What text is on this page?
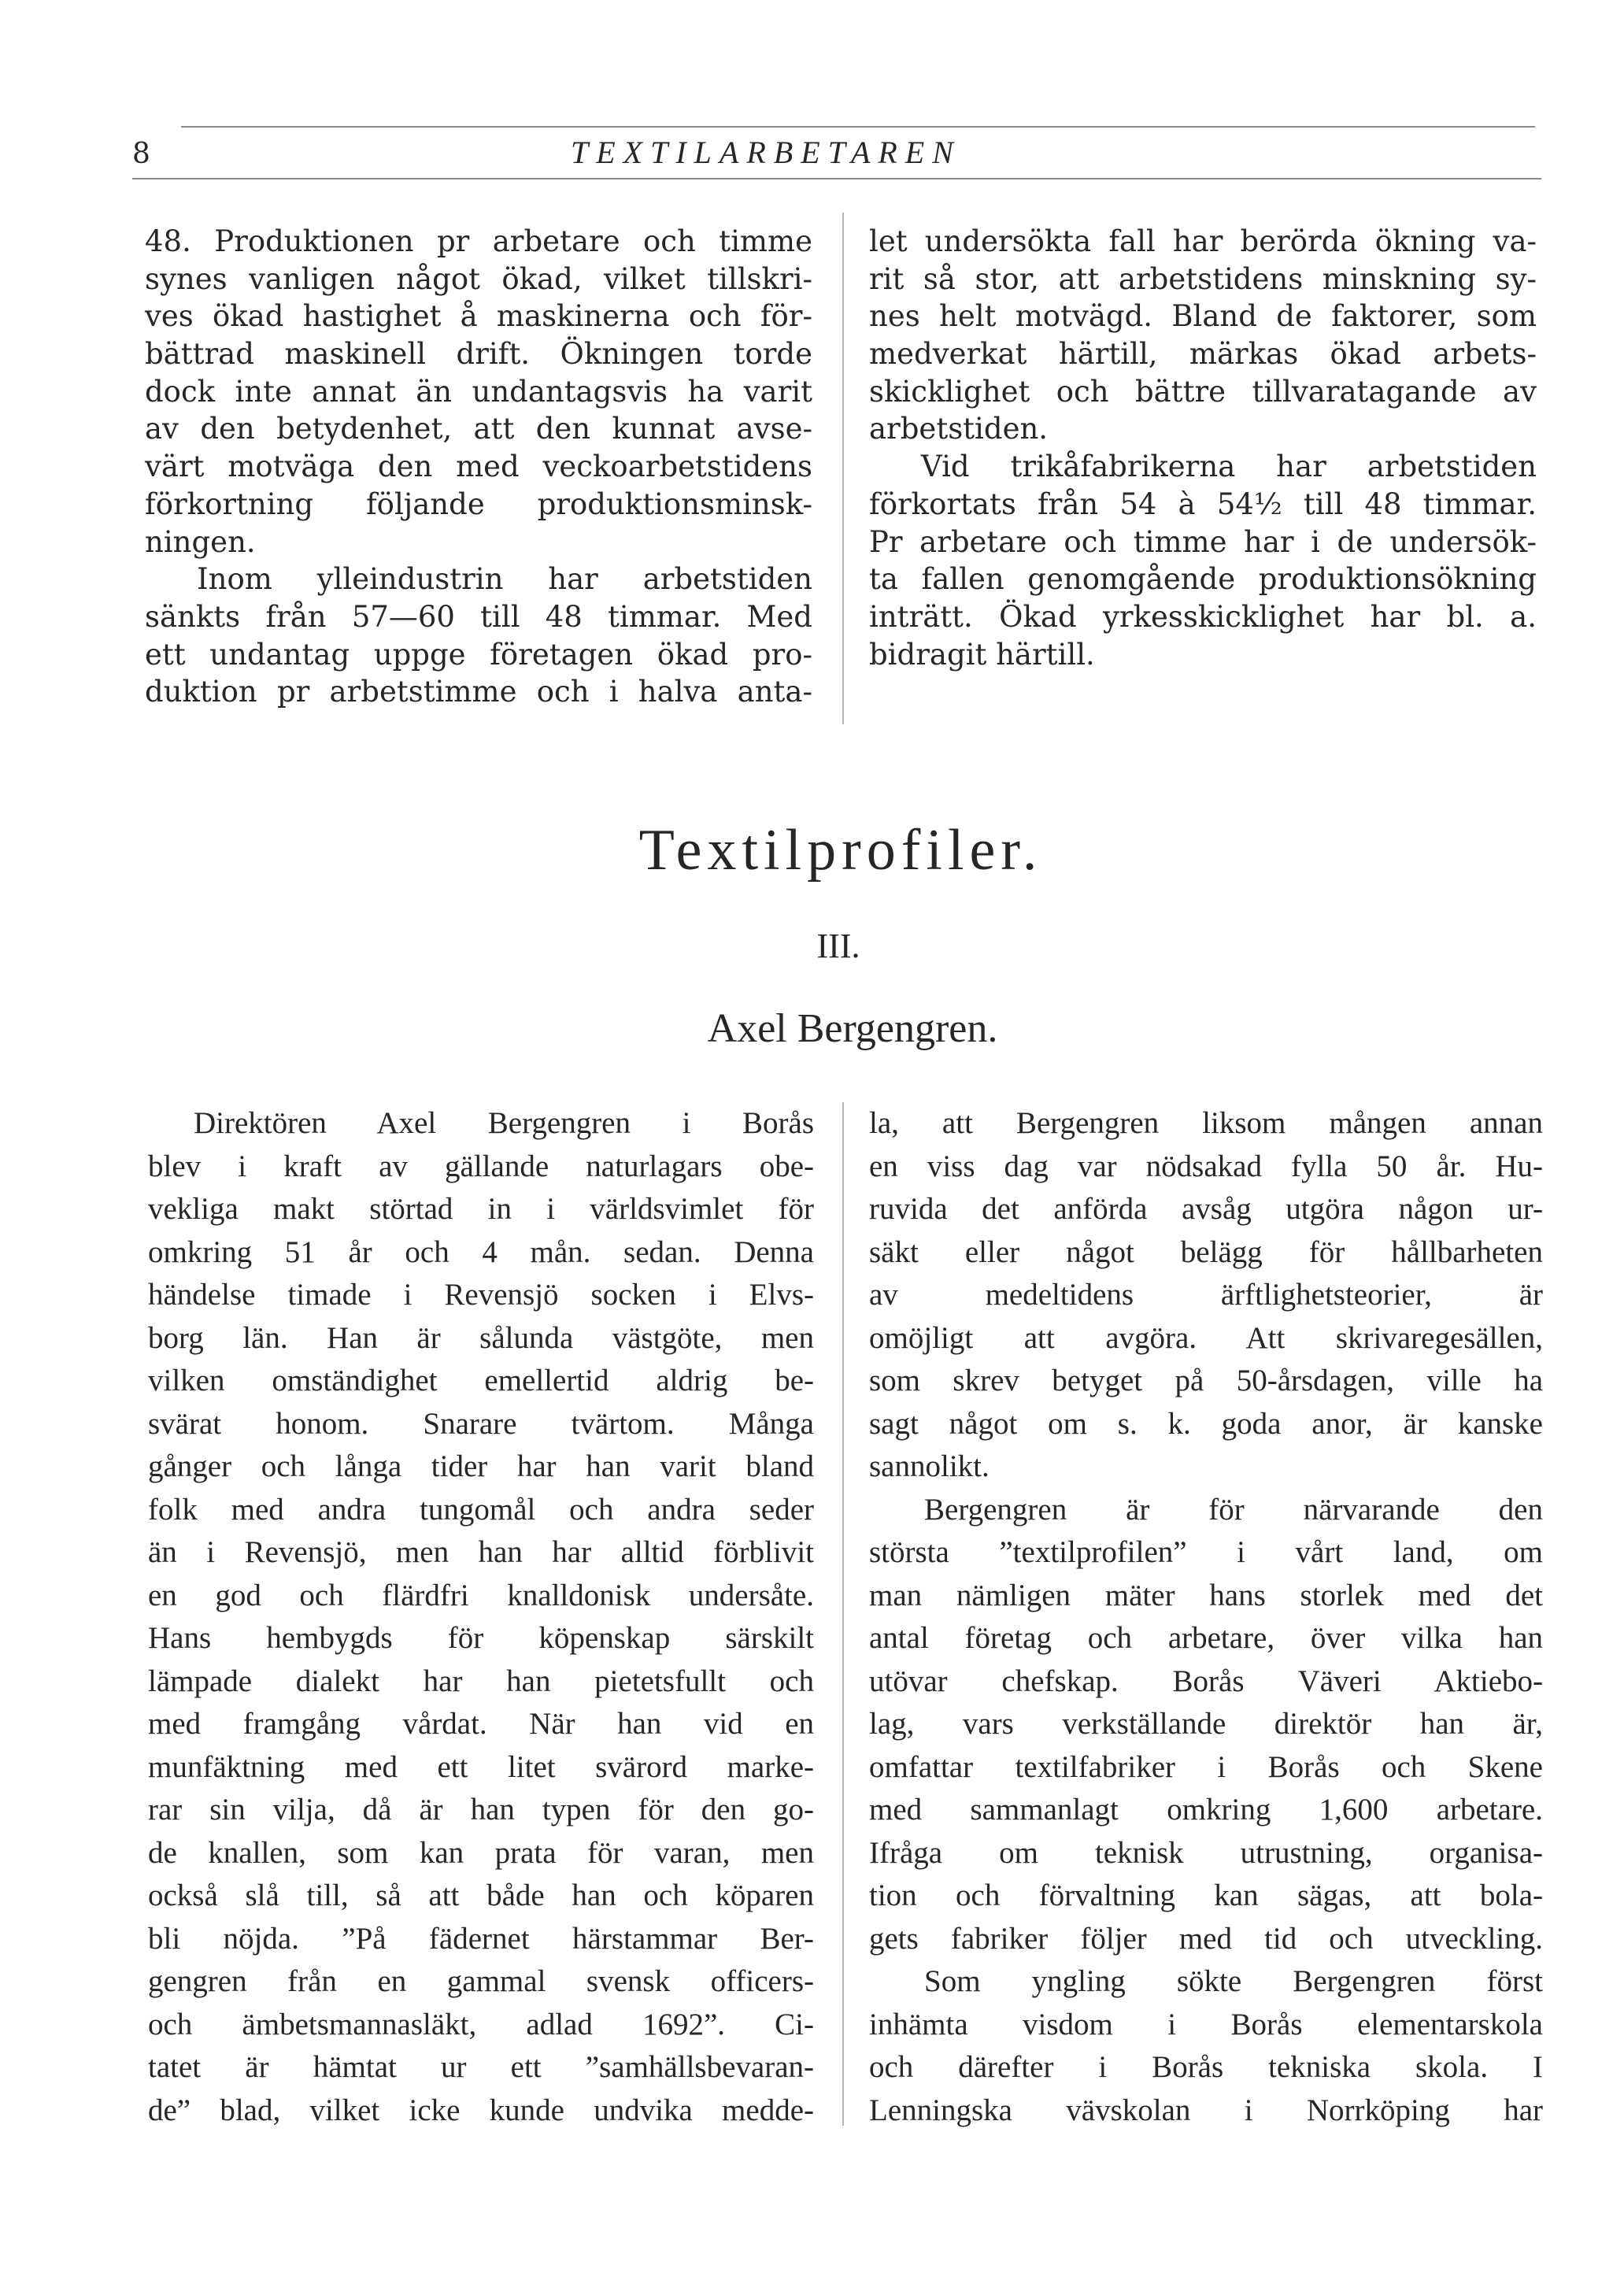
8	TEXTILARBETAREN
48. Produktionen pr arbetare och timme
synes vanligen något ökad, vilket tillskri-
ves ökad hastighet å maskinerna och för-
bättrad maskinell drift. Ökningen torde
dock inte annat än undantagsvis ha varit
av den betydenhet, att den kunnat avse-
värt motväga den med veckoarbetstidens
förkortning följande produktionsminsk-
ningen.
Inom ylleindustrin har arbetstiden
sänkts från 57—60 till 48 timmar. Med
ett undantag uppge företagen ökad pro-
duktion pr arbetstimme och i halva anta-
let undersökta fall har berörda ökning va-
rit så stor, att arbetstidens minskning sy-
nes helt motvägd. Bland de faktorer, som
medverkat härtill, märkas ökad arbets-
skicklighet och bättre tillvaratagande av
arbetstiden.
Vid trikåfabrikerna har arbetstiden
förkortats från 54 à 54½ till 48 timmar.
Pr arbetare och timme har i de undersök-
ta fallen genomgående produktionsökning
inträtt. Ökad yrkesskicklighet har bl. a.
bidragit härtill.
Textilprofiler.
III.
Axel Bergengren.
Direktören Axel Bergengren i Borås
blev i kraft av gällande naturlagars obe-
vekliga makt störtad in i världsvimlet för
omkring 51 år och 4 mån. sedan. Denna
händelse timade i Revensjö socken i Elvs-
borg län. Han är sålunda västgöte, men
vilken omständighet emellertid aldrig be-
svärat honom. Snarare tvärtom. Många
gånger och långa tider har han varit bland
folk med andra tungomål och andra seder
än i Revensjö, men han har alltid förblivit
en god och flärdfri knalldonisk undersåte.
Hans hembygds för köpenskap särskilt
lämpade dialekt har han pietetsfullt och
med framgång vårdat. När han vid en
munfäktning med ett litet svärord marke-
rar sin vilja, då är han typen för den go-
de knallen, som kan prata för varan, men
också slå till, så att både han och köparen
bli nöjda. ”På fädernet härstammar Ber-
gengren från en gammal svensk officers-
och ämbetsmannasläkt, adlad 1692”. Ci-
tatet är hämtat ur ett ”samhällsbevaran-
de” blad, vilket icke kunde undvika medde-
la, att Bergengren liksom mången annan
en viss dag var nödsakad fylla 50 år. Hu-
ruvida det anförda avsåg utgöra någon ur-
säkt eller något belägg för hållbarheten
av medeltidens ärftlighetsteorier, är
omöjligt att avgöra. Att skrivaregesällen,
som skrev betyget på 50-årsdagen, ville ha
sagt något om s. k. goda anor, är kanske
sannolikt.
Bergengren är för närvarande den
största ”textilprofilen” i vårt land, om
man nämligen mäter hans storlek med det
antal företag och arbetare, över vilka han
utövar chefskap. Borås Väveri Aktiebo-
lag, vars verkställande direktör han är,
omfattar textilfabriker i Borås och Skene
med sammanlagt omkring 1,600 arbetare.
Ifråga om teknisk utrustning, organisa-
tion och förvaltning kan sägas, att bola-
gets fabriker följer med tid och utveckling.
Som yngling sökte Bergengren först
inhämta visdom i Borås elementarskola
och därefter i Borås tekniska skola. I
Lenningska vävskolan i Norrköping har
